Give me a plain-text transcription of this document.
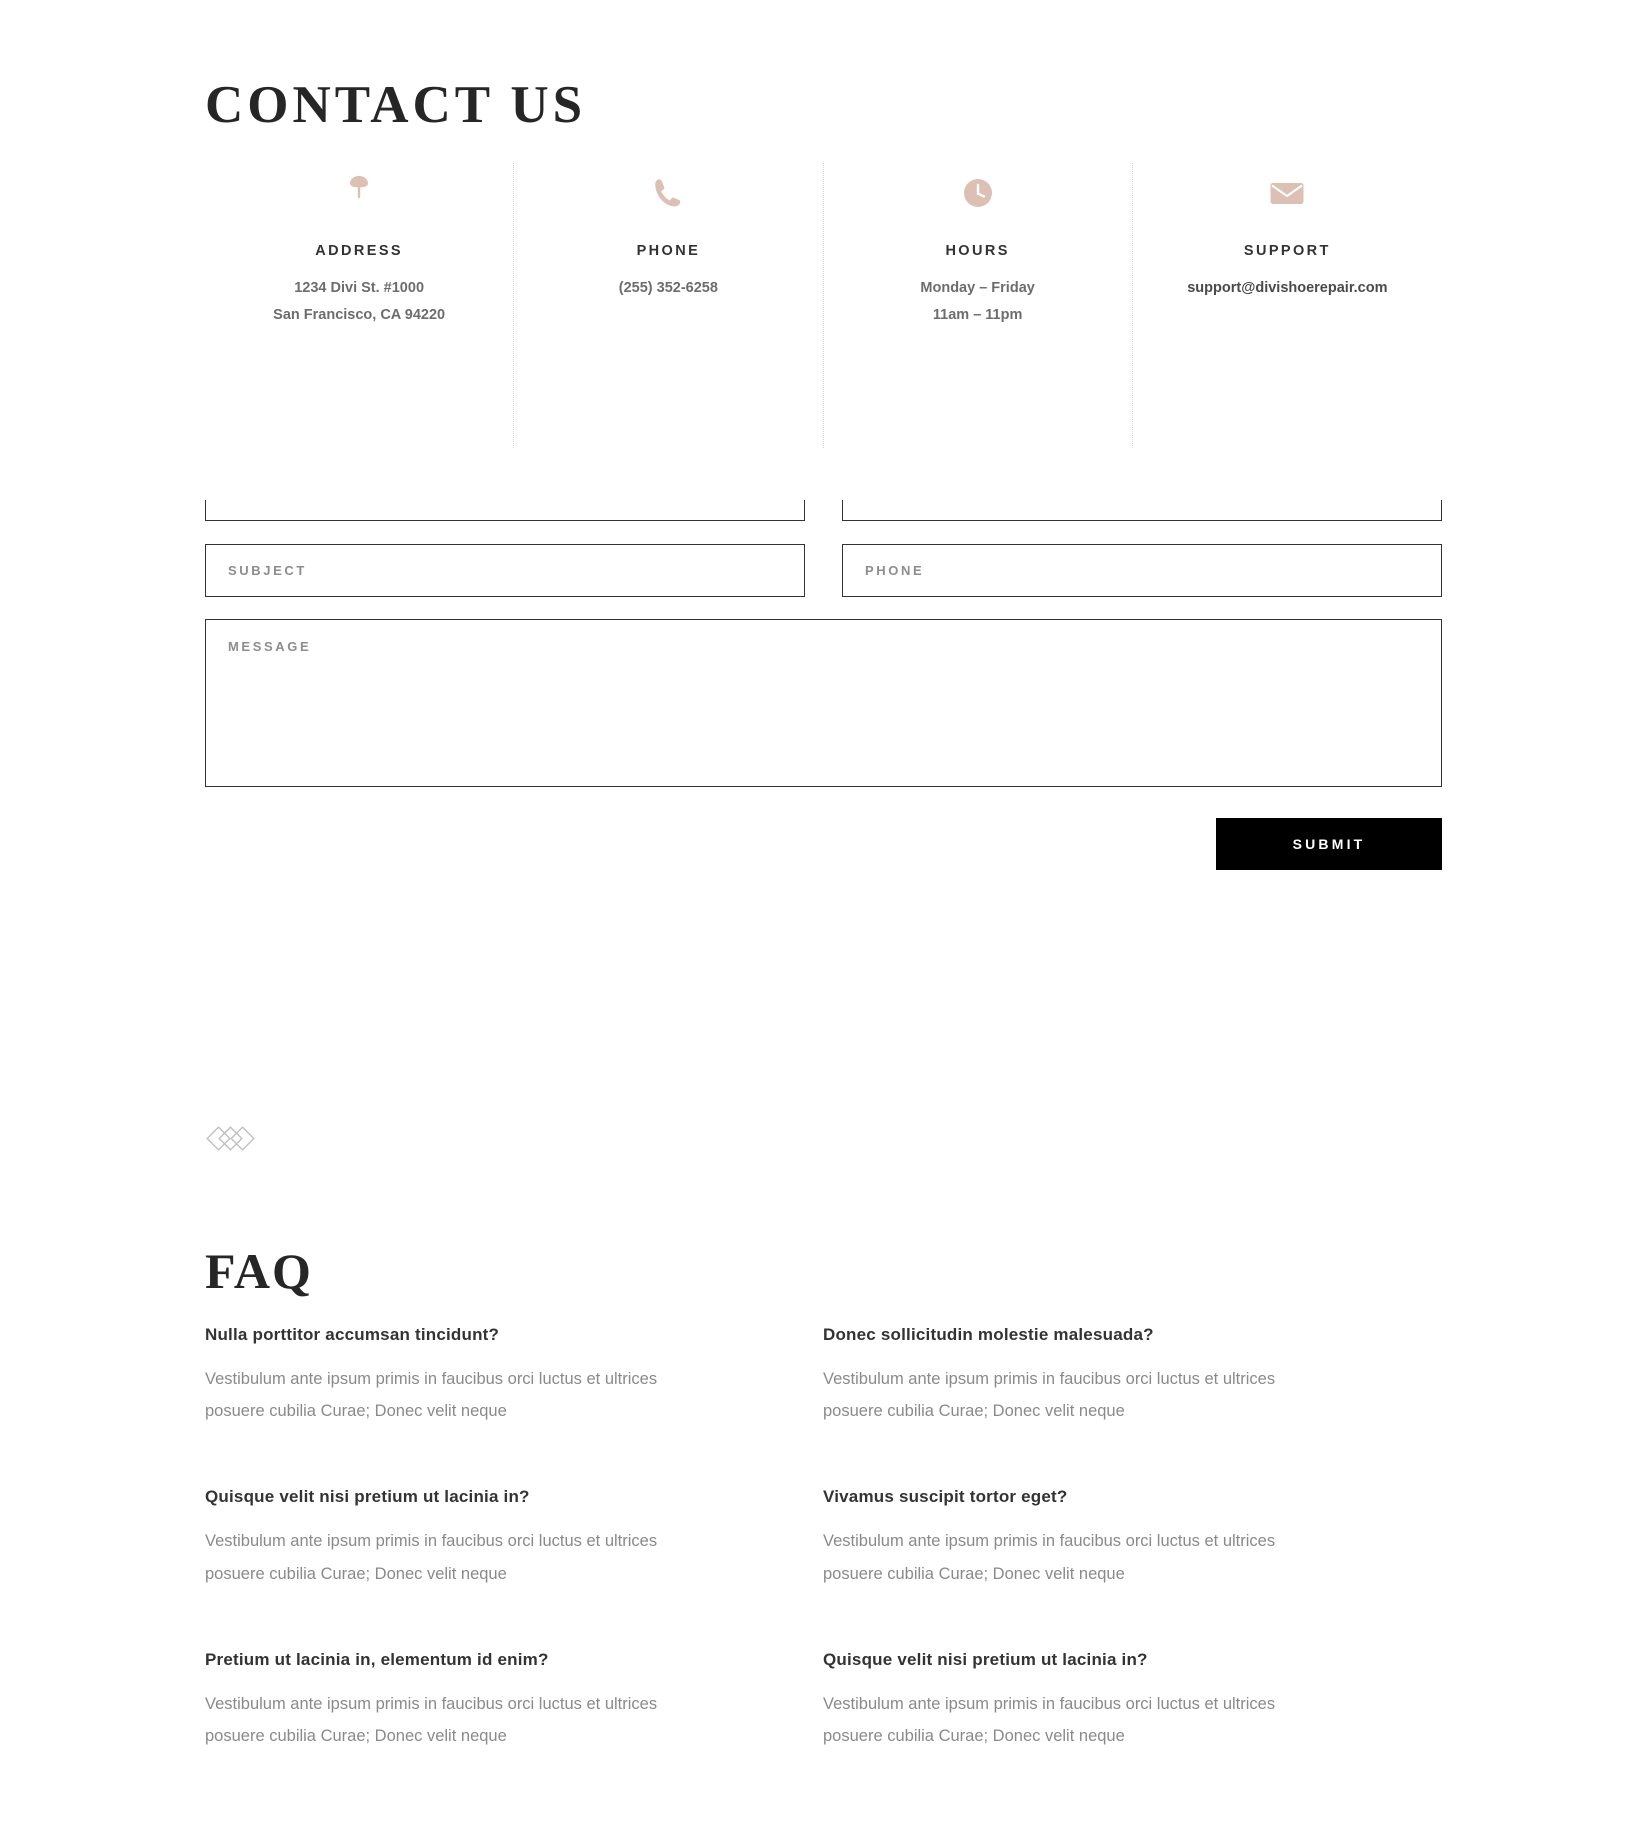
CONTACT US
ADDRESS
1234 Divi St. #1000
San Francisco, CA 94220
PHONE
(255) 352-6258
HOURS
Monday – Friday
11am – 11pm
SUPPORT
support@divishoerepair.com
SUBJECT	PHONE
MESSAGE
SUBMIT
FAQ
Nulla porttitor accumsan tincidunt?
Vestibulum ante ipsum primis in faucibus orci luctus et ultrices posuere cubilia Curae; Donec velit neque
Donec sollicitudin molestie malesuada?
Vestibulum ante ipsum primis in faucibus orci luctus et ultrices posuere cubilia Curae; Donec velit neque
Quisque velit nisi pretium ut lacinia in?
Vestibulum ante ipsum primis in faucibus orci luctus et ultrices posuere cubilia Curae; Donec velit neque
Vivamus suscipit tortor eget?
Vestibulum ante ipsum primis in faucibus orci luctus et ultrices posuere cubilia Curae; Donec velit neque
Pretium ut lacinia in, elementum id enim?
Vestibulum ante ipsum primis in faucibus orci luctus et ultrices posuere cubilia Curae; Donec velit neque
Quisque velit nisi pretium ut lacinia in?
Vestibulum ante ipsum primis in faucibus orci luctus et ultrices posuere cubilia Curae; Donec velit neque
